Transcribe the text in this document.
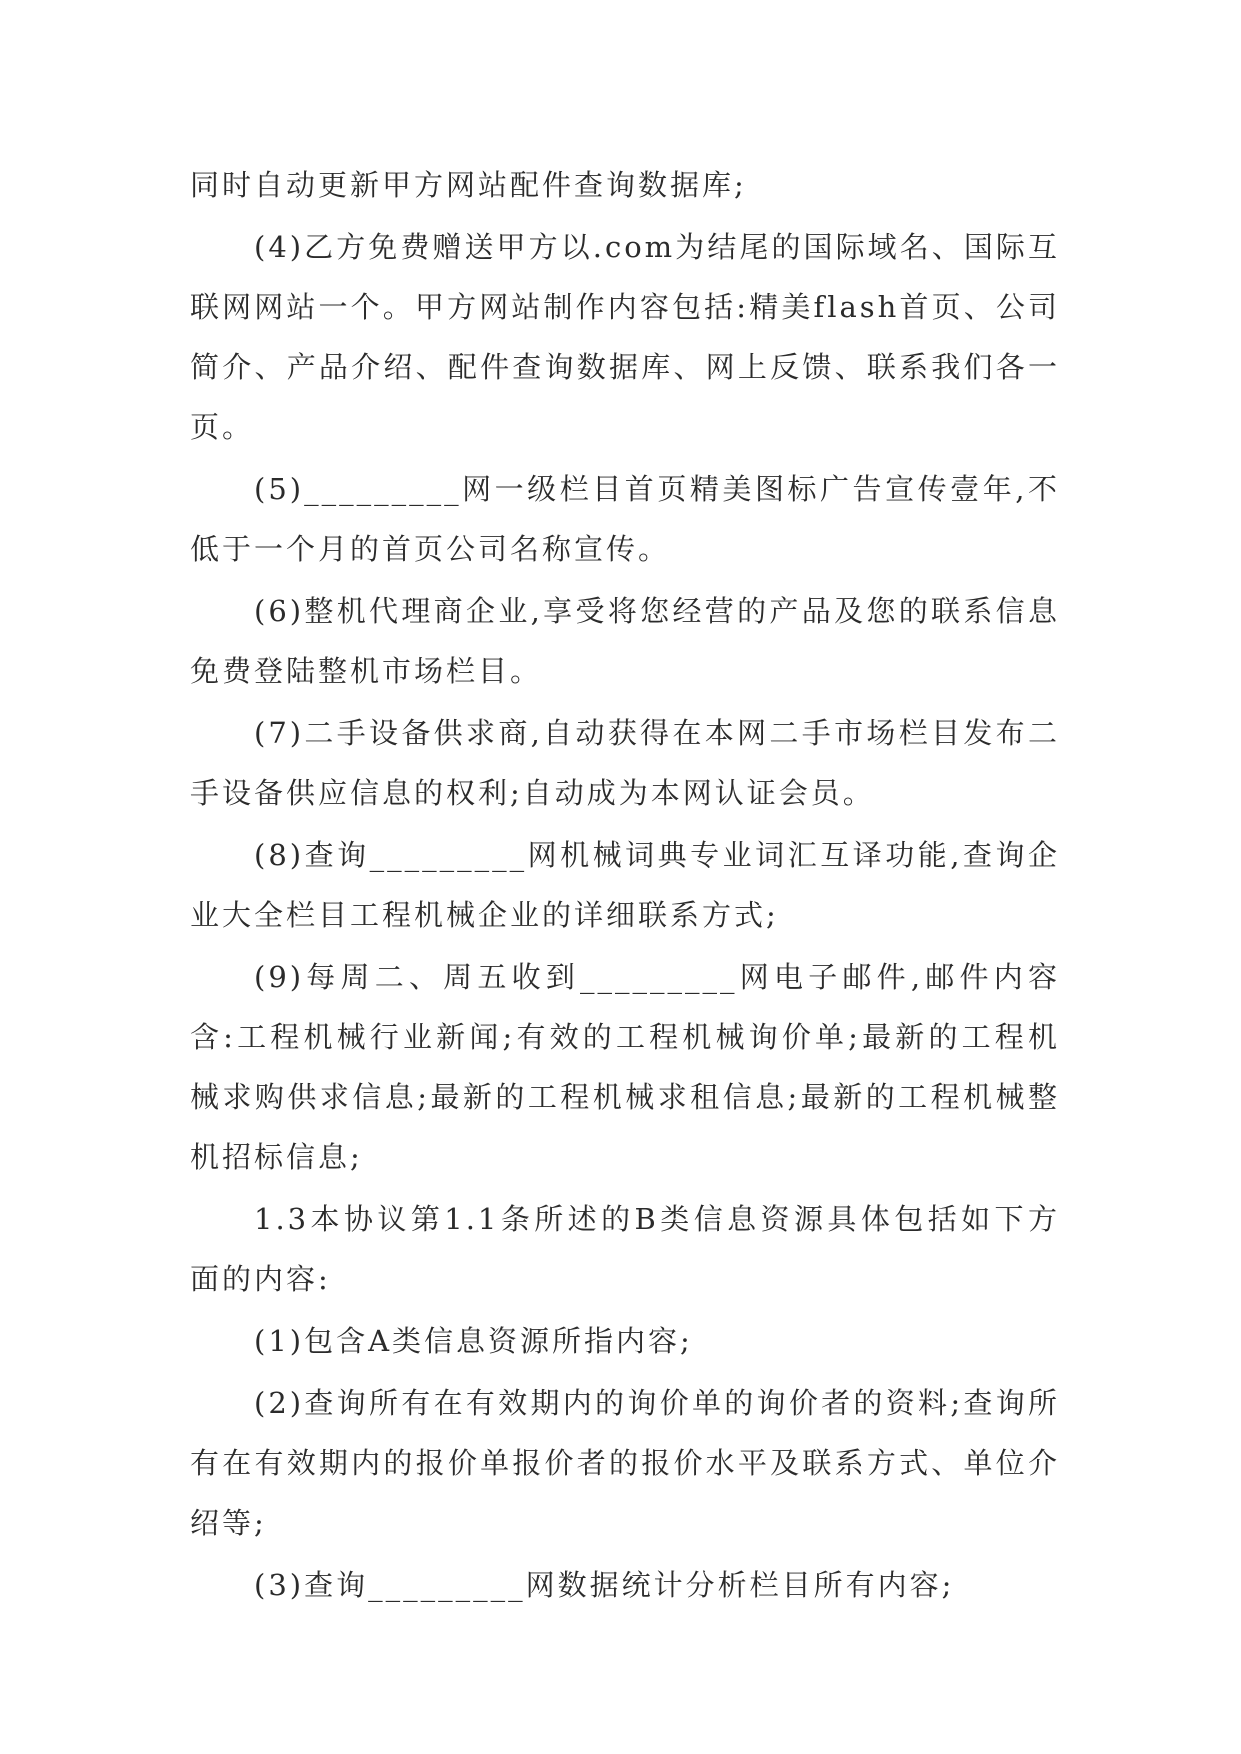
同时自动更新甲方网站配件查询数据库;

(4)乙方免费赠送甲方以.com为结尾的国际域名、国际互联网网站一个。甲方网站制作内容包括:精美flash首页、公司简介、产品介绍、配件查询数据库、网上反馈、联系我们各一页。

(5)_________网一级栏目首页精美图标广告宣传壹年,不低于一个月的首页公司名称宣传。

(6)整机代理商企业,享受将您经营的产品及您的联系信息免费登陆整机市场栏目。

(7)二手设备供求商,自动获得在本网二手市场栏目发布二手设备供应信息的权利;自动成为本网认证会员。

(8)查询_________网机械词典专业词汇互译功能,查询企业大全栏目工程机械企业的详细联系方式;

(9)每周二、周五收到_________网电子邮件,邮件内容含:工程机械行业新闻;有效的工程机械询价单;最新的工程机械求购供求信息;最新的工程机械求租信息;最新的工程机械整机招标信息;

1.3本协议第1.1条所述的B类信息资源具体包括如下方面的内容:

(1)包含A类信息资源所指内容;

(2)查询所有在有效期内的询价单的询价者的资料;查询所有在有效期内的报价单报价者的报价水平及联系方式、单位介绍等;

(3)查询_________网数据统计分析栏目所有内容;
